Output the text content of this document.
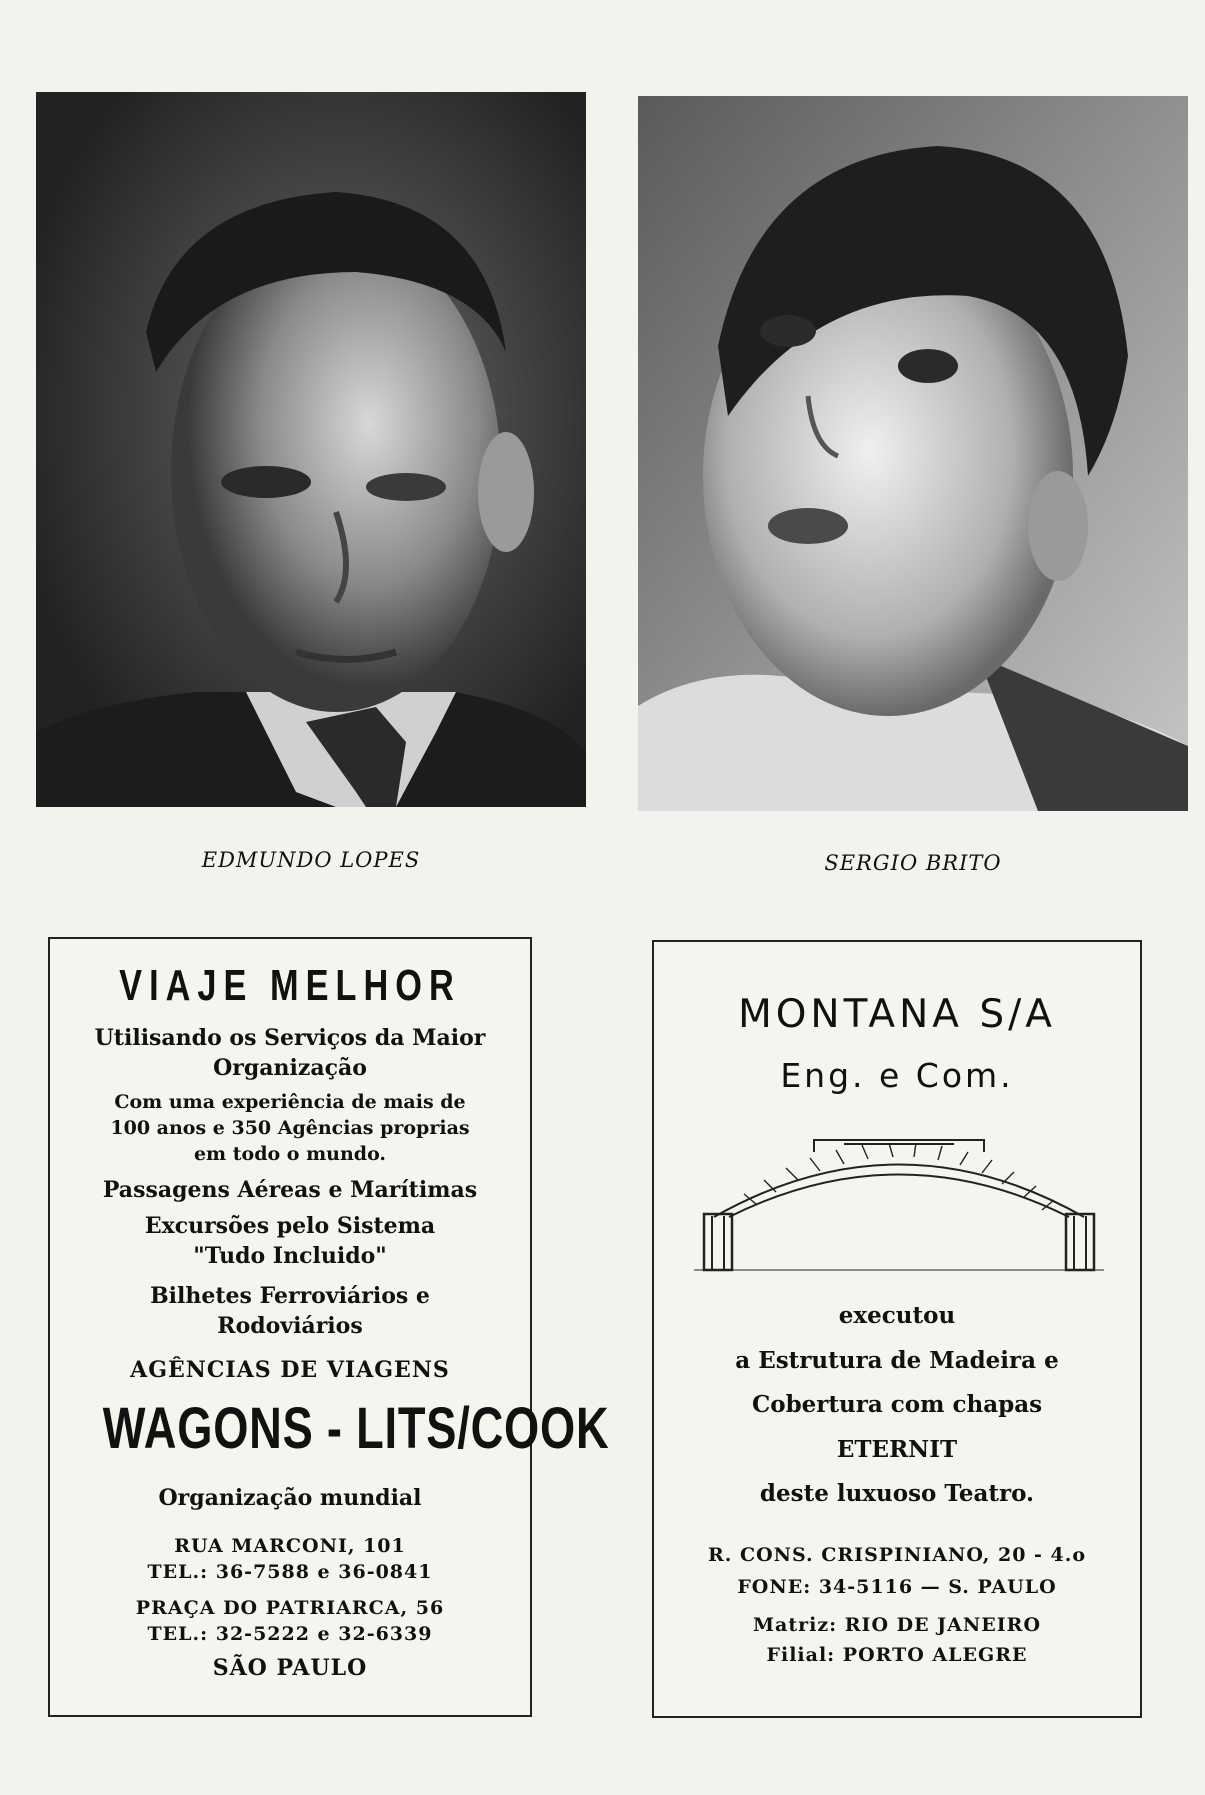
EDMUNDO LOPES	SERGIO BRITO
VIAJE MELHOR
Utilisando os Serviços da Maior
Organização
Com uma experiência de mais de
100 anos e 350 Agências proprias
em todo o mundo.
Passagens Aéreas e Marítimas
Excursões pelo Sistema
"Tudo Incluido"
Bilhetes Ferroviários e
Rodoviários
AGÊNCIAS DE VIAGENS
WAGONS - LITS/COOK
Organização mundial
RUA MARCONI, 101
TEL.: 36-7588 e 36-0841
PRAÇA DO PATRIARCA, 56
TEL.: 32-5222 e 32-6339
SÃO PAULO
MONTANA S/A
Eng. e Com.
executou
a Estrutura de Madeira e
Cobertura com chapas
ETERNIT
deste luxuoso Teatro.
R. CONS. CRISPINIANO, 20 - 4.o
FONE: 34-5116 — S. PAULO
Matriz: RIO DE JANEIRO
Filial: PORTO ALEGRE
